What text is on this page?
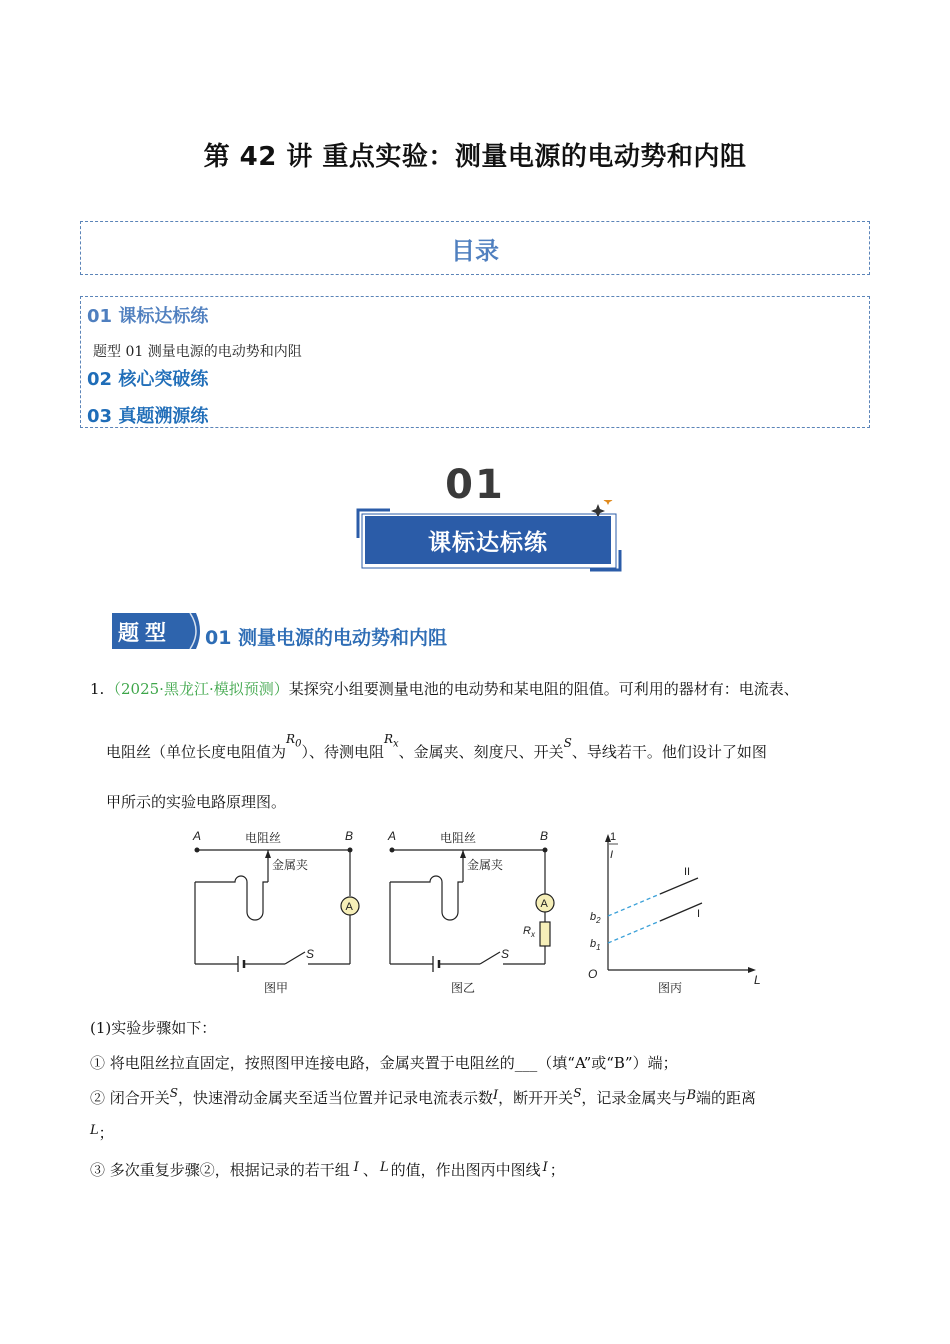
第 42 讲 重点实验：测量电源的电动势和内阻
目录
01 课标达标练
题型 01 测量电源的电动势和内阻
02 核心突破练
03 真题溯源练
01
课标达标练
题型 01 测量电源的电动势和内阻
1. （2025·黑龙江·模拟预测）某探究小组要测量电池的电动势和某电阻的阻值。可利用的器材有：电流表、
电阻丝（单位长度电阻值为$^{R_0}$）、待测电阻$^{R_x}$、金属夹、刻度尺、开关$^S$、导线若干。他们设计了如图
甲所示的实验电路原理图。
A	B
电阻丝
金属夹
A
S
图甲
A	B
电阻丝
金属夹
A
$R_x$
S
图乙
1
I
O	L
$b_2$
$b_1$
II
I
图丙
(1)实验步骤如下：
① 将电阻丝拉直固定，按照图甲连接电路，金属夹置于电阻丝的___（填“A”或“B”）端；
② 闭合开关$^S$，快速滑动金属夹至适当位置并记录电流表示数I，断开开关$^S$，记录金属夹与B端的距离
L；
③ 多次重复步骤②，根据记录的若干组 I 、 L 的值，作出图丙中图线 I ；
